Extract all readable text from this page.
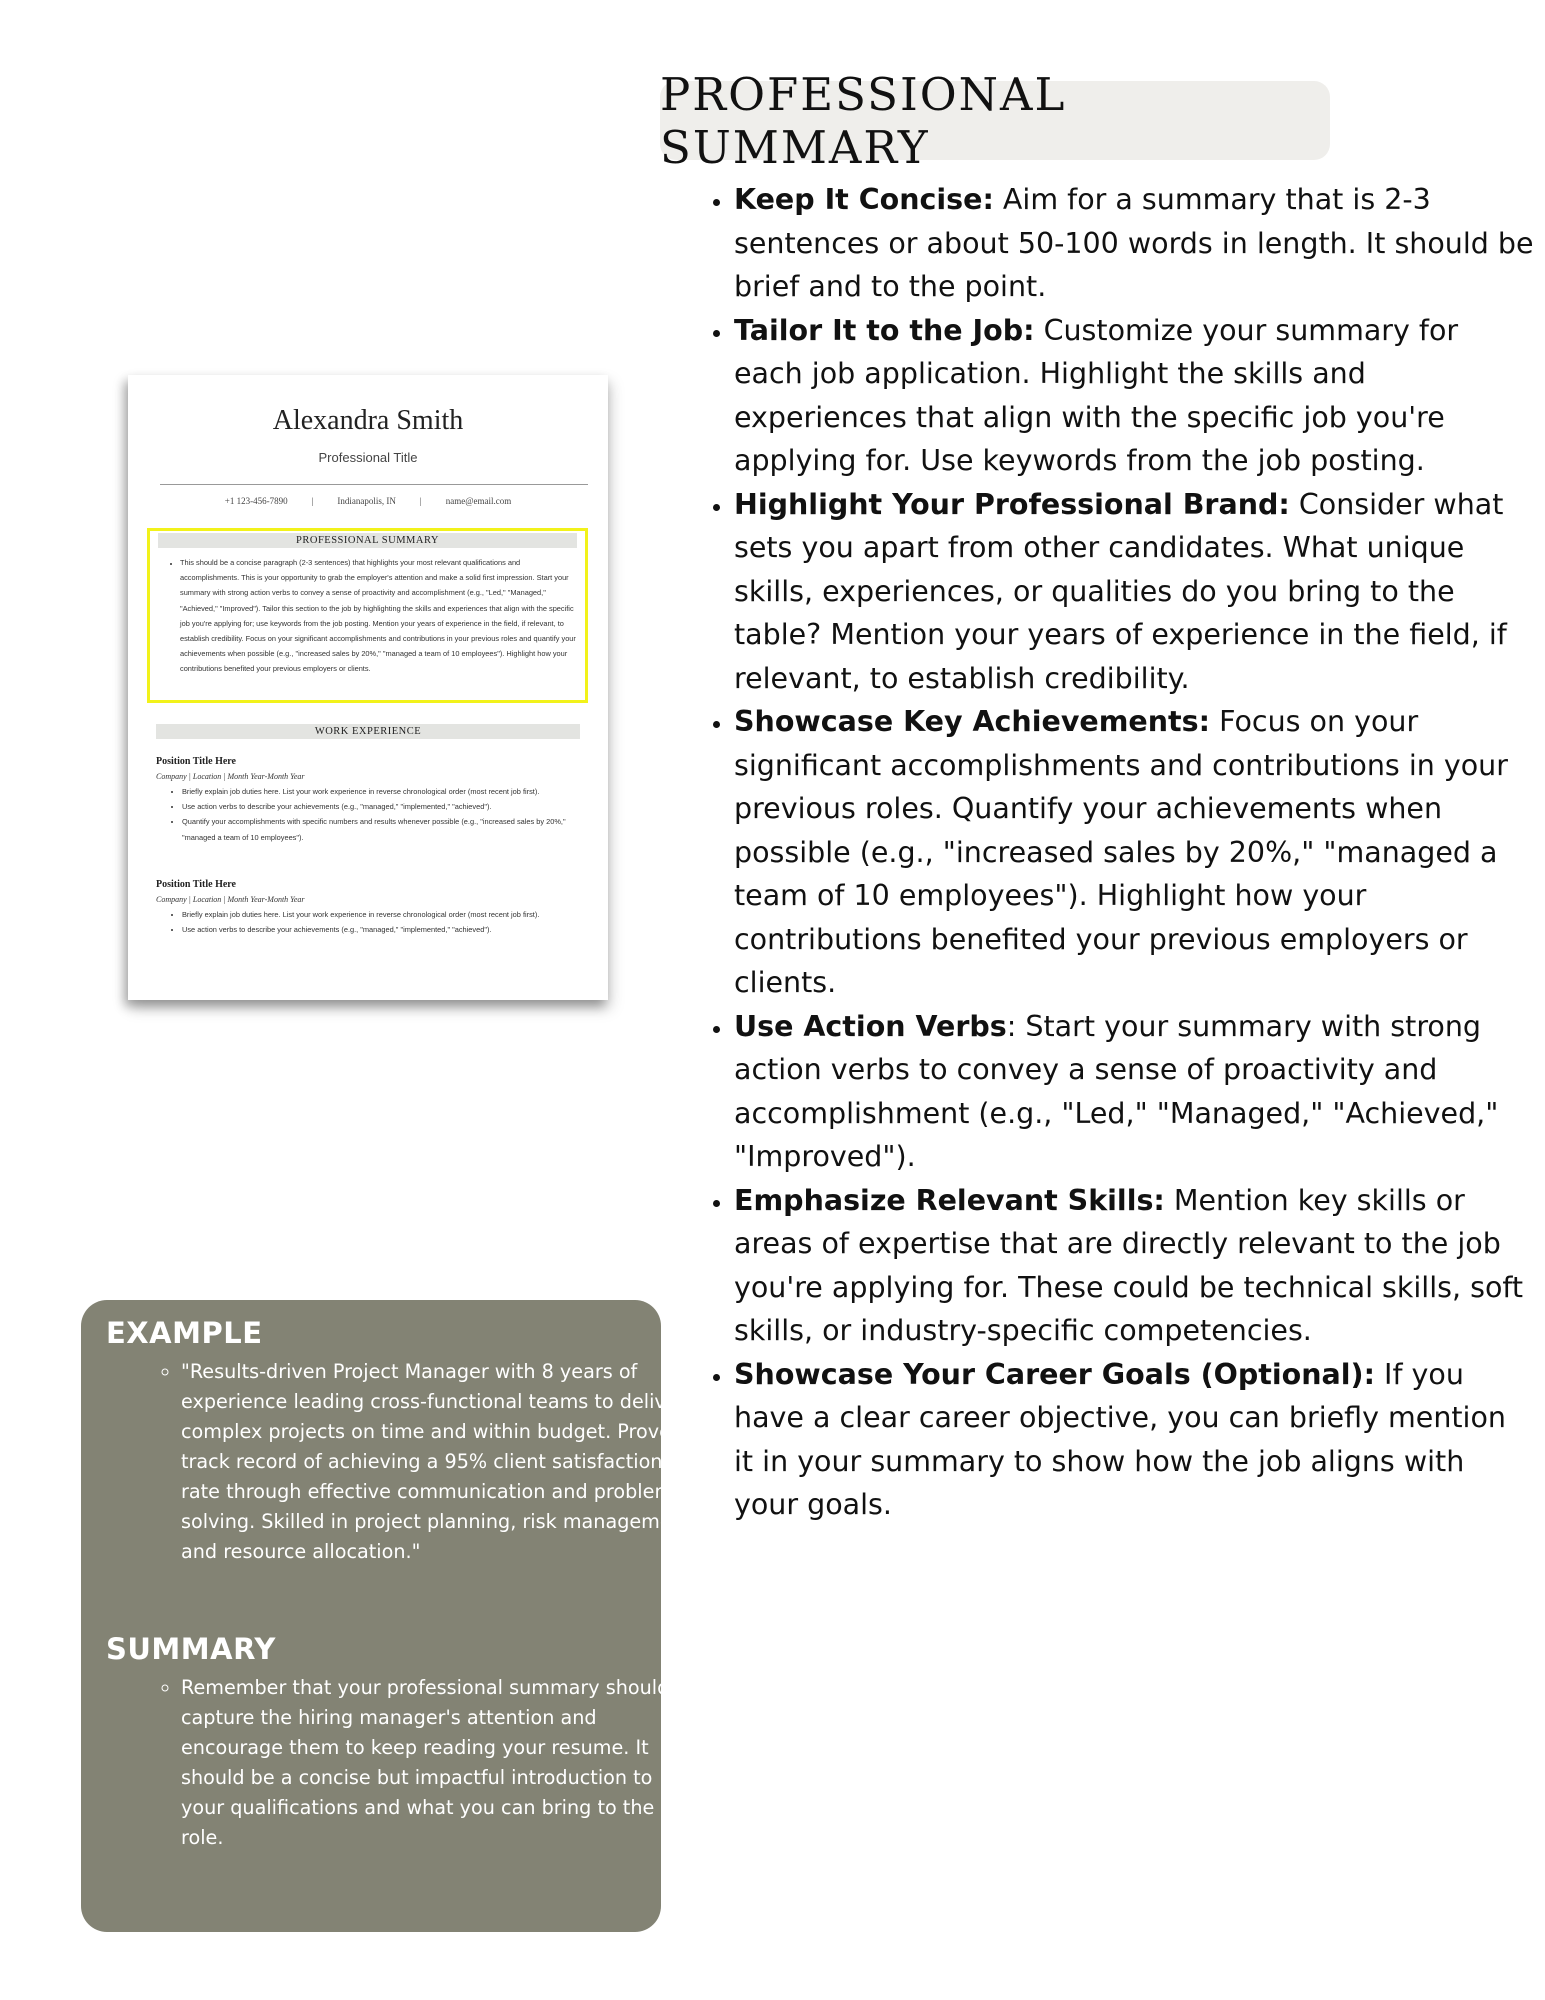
PROFESSIONAL SUMMARY
• Keep It Concise: Aim for a summary that is 2-3 sentences or about 50-100 words in length. It should be brief and to the point.
• Tailor It to the Job: Customize your summary for each job application. Highlight the skills and experiences that align with the specific job you're applying for. Use keywords from the job posting.
• Highlight Your Professional Brand: Consider what sets you apart from other candidates. What unique skills, experiences, or qualities do you bring to the table? Mention your years of experience in the field, if relevant, to establish credibility.
• Showcase Key Achievements: Focus on your significant accomplishments and contributions in your previous roles. Quantify your achievements when possible (e.g., "increased sales by 20%," "managed a team of 10 employees"). Highlight how your contributions benefited your previous employers or clients.
• Use Action Verbs: Start your summary with strong action verbs to convey a sense of proactivity and accomplishment (e.g., "Led," "Managed," "Achieved," "Improved").
• Emphasize Relevant Skills: Mention key skills or areas of expertise that are directly relevant to the job you're applying for. These could be technical skills, soft skills, or industry-specific competencies.
• Showcase Your Career Goals (Optional): If you have a clear career objective, you can briefly mention it in your summary to show how the job aligns with your goals.
Alexandra Smith
Professional Title
+1 123-456-7890	|	Indianapolis, IN	|	name@email.com
PROFESSIONAL SUMMARY
• This should be a concise paragraph (2-3 sentences) that highlights your most relevant qualifications and accomplishments. This is your opportunity to grab the employer's attention and make a solid first impression. Start your summary with strong action verbs to convey a sense of proactivity and accomplishment (e.g., "Led," "Managed," "Achieved," "Improved"). Tailor this section to the job by highlighting the skills and experiences that align with the specific job you're applying for; use keywords from the job posting. Mention your years of experience in the field, if relevant, to establish credibility. Focus on your significant accomplishments and contributions in your previous roles and quantify your achievements when possible (e.g., "increased sales by 20%," "managed a team of 10 employees"). Highlight how your contributions benefited your previous employers or clients.
WORK EXPERIENCE
Position Title Here
Company | Location | Month Year-Month Year
• Briefly explain job duties here. List your work experience in reverse chronological order (most recent job first).
• Use action verbs to describe your achievements (e.g., "managed," "implemented," "achieved").
• Quantify your accomplishments with specific numbers and results whenever possible (e.g., "increased sales by 20%," "managed a team of 10 employees").
Position Title Here
Company | Location | Month Year-Month Year
• Briefly explain job duties here. List your work experience in reverse chronological order (most recent job first).
• Use action verbs to describe your achievements (e.g., "managed," "implemented," "achieved").
EXAMPLE
◦ "Results-driven Project Manager with 8 years of experience leading cross-functional teams to deliver complex projects on time and within budget. Proven track record of achieving a 95% client satisfaction rate through effective communication and problem-solving. Skilled in project planning, risk management, and resource allocation."
SUMMARY
◦ Remember that your professional summary should capture the hiring manager's attention and encourage them to keep reading your resume. It should be a concise but impactful introduction to your qualifications and what you can bring to the role.
